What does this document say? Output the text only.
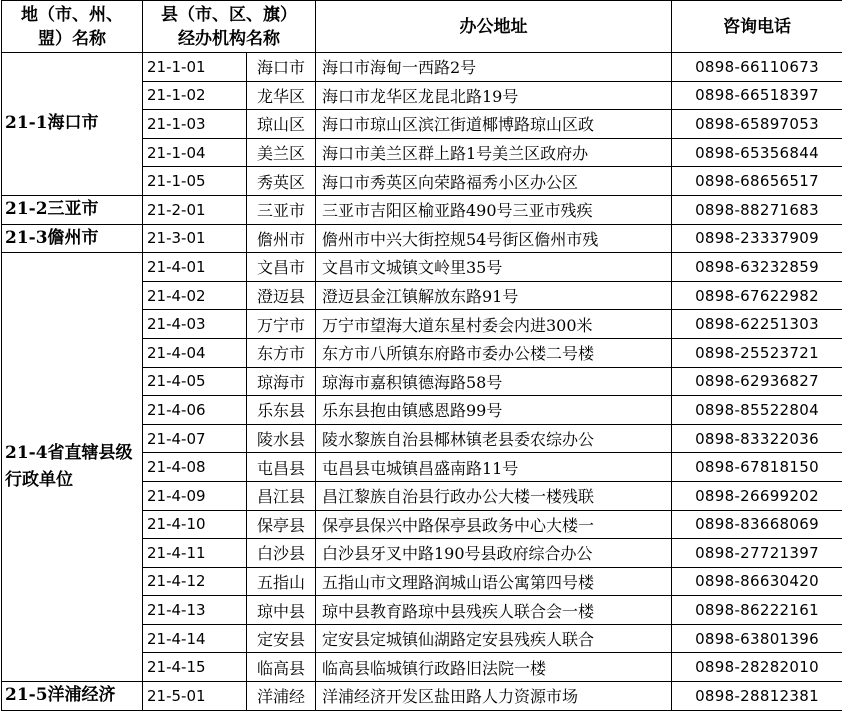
地（市、州、
盟）名称	县（市、区、旗）
经办机构名称		办公地址	咨询电话
21-1海口市	21-1-01	海口市	海口市海甸一西路2号	0898-66110673
	21-1-02	龙华区	海口市龙华区龙昆北路19号	0898-66518397
	21-1-03	琼山区	海口市琼山区滨江街道椰博路琼山区政	0898-65897053
	21-1-04	美兰区	海口市美兰区群上路1号美兰区政府办	0898-65356844
	21-1-05	秀英区	海口市秀英区向荣路福秀小区办公区	0898-68656517
21-2三亚市	21-2-01	三亚市	三亚市吉阳区榆亚路490号三亚市残疾	0898-88271683
21-3儋州市	21-3-01	儋州市	儋州市中兴大街控规54号街区儋州市残	0898-23337909
21-4省直辖县级行政单位	21-4-01	文昌市	文昌市文城镇文岭里35号	0898-63232859
	21-4-02	澄迈县	澄迈县金江镇解放东路91号	0898-67622982
	21-4-03	万宁市	万宁市望海大道东星村委会内进300米	0898-62251303
	21-4-04	东方市	东方市八所镇东府路市委办公楼二号楼	0898-25523721
	21-4-05	琼海市	琼海市嘉积镇德海路58号	0898-62936827
	21-4-06	乐东县	乐东县抱由镇感恩路99号	0898-85522804
	21-4-07	陵水县	陵水黎族自治县椰林镇老县委农综办公	0898-83322036
	21-4-08	屯昌县	屯昌县屯城镇昌盛南路11号	0898-67818150
	21-4-09	昌江县	昌江黎族自治县行政办公大楼一楼残联	0898-26699202
	21-4-10	保亭县	保亭县保兴中路保亭县政务中心大楼一	0898-83668069
	21-4-11	白沙县	白沙县牙叉中路190号县政府综合办公	0898-27721397
	21-4-12	五指山	五指山市文理路润城山语公寓第四号楼	0898-86630420
	21-4-13	琼中县	琼中县教育路琼中县残疾人联合会一楼	0898-86222161
	21-4-14	定安县	定安县定城镇仙湖路定安县残疾人联合	0898-63801396
	21-4-15	临高县	临高县临城镇行政路旧法院一楼	0898-28282010
21-5洋浦经济	21-5-01	洋浦经	洋浦经济开发区盐田路人力资源市场	0898-28812381
